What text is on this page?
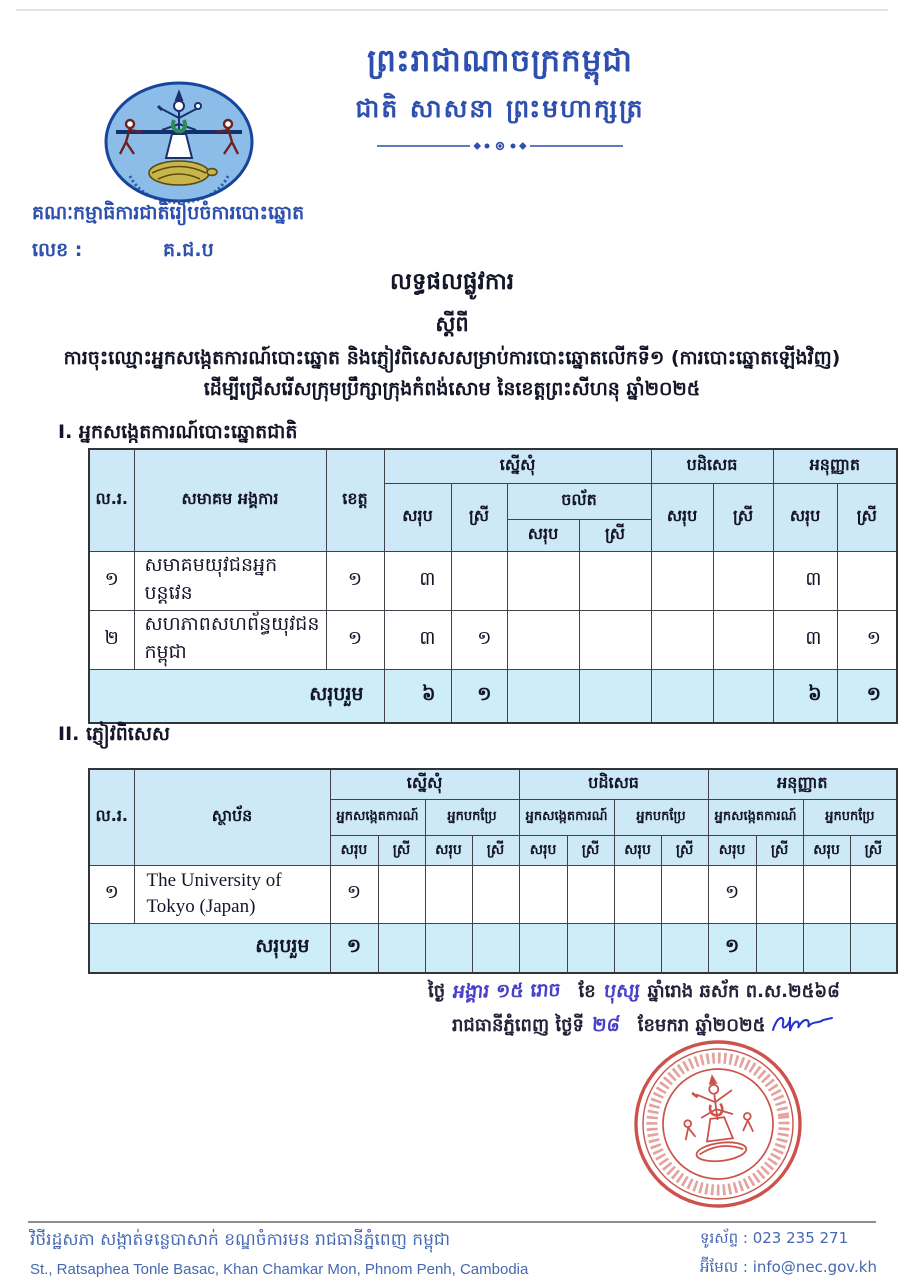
ព្រះរាជាណាចក្រកម្ពុជា
ជាតិ សាសនា ព្រះមហាក្សត្រ
គណៈកម្មាធិការជាតិរៀបចំការបោះឆ្នោត
លេខ :	គ.ជ.ប
លទ្ធផលផ្លូវការ
ស្តីពី
ការចុះឈ្មោះអ្នកសង្កេតការណ៍បោះឆ្នោត និងភ្ញៀវពិសេសសម្រាប់ការបោះឆ្នោតលើកទី១ (ការបោះឆ្នោតឡើងវិញ) ដើម្បីជ្រើសរើសក្រុមប្រឹក្សាក្រុងកំពង់សោម នៃខេត្តព្រះសីហនុ ឆ្នាំ២០២៥
I. អ្នកសង្កេតការណ៍បោះឆ្នោតជាតិ
ល.រ.	សមាគម អង្គការ	ខេត្ត	ស្នើសុំ				បដិសេធ		អនុញ្ញាត	
			សរុប	ស្រី	ចល័ត		សរុប	ស្រី	សរុប	ស្រី
					សរុប	ស្រី				
១	សមាគមយុវជនអ្នកបន្តវេន	១	៣						៣	
២	សហភាពសហព័ន្ធយុវជនកម្ពុជា	១	៣	១					៣	១
សរុបរួម			៦	១					៦	១
II. ភ្ញៀវពិសេស
ល.រ.	ស្ថាប័ន	ស្នើសុំ				បដិសេធ				អនុញ្ញាត			
		អ្នកសង្កេតការណ៍		អ្នកបកប្រែ		អ្នកសង្កេតការណ៍		អ្នកបកប្រែ		អ្នកសង្កេតការណ៍		អ្នកបកប្រែ	
		សរុប	ស្រី	សរុប	ស្រី	សរុប	ស្រី	សរុប	ស្រី	សរុប	ស្រី	សរុប	ស្រី
១	The University of Tokyo (Japan)	១								១			
សរុបរួម		១								១			
ថ្ងៃ អង្គារ ១៥ រោច ខែ បុស្ស ឆ្នាំរោង ឆស័ក ព.ស.២៥៦៨
រាជធានីភ្នំពេញ ថ្ងៃទី ២៨ ខែមករា ឆ្នាំ២០២៥
វិថីរដ្ឋសភា សង្កាត់ទន្លេបាសាក់ ខណ្ឌចំការមន រាជធានីភ្នំពេញ កម្ពុជា
St., Ratsaphea Tonle Basac, Khan Chamkar Mon, Phnom Penh, Cambodia
ទូរស័ព្ទ : 023 235 271
អ៊ីមែល : info@nec.gov.kh
